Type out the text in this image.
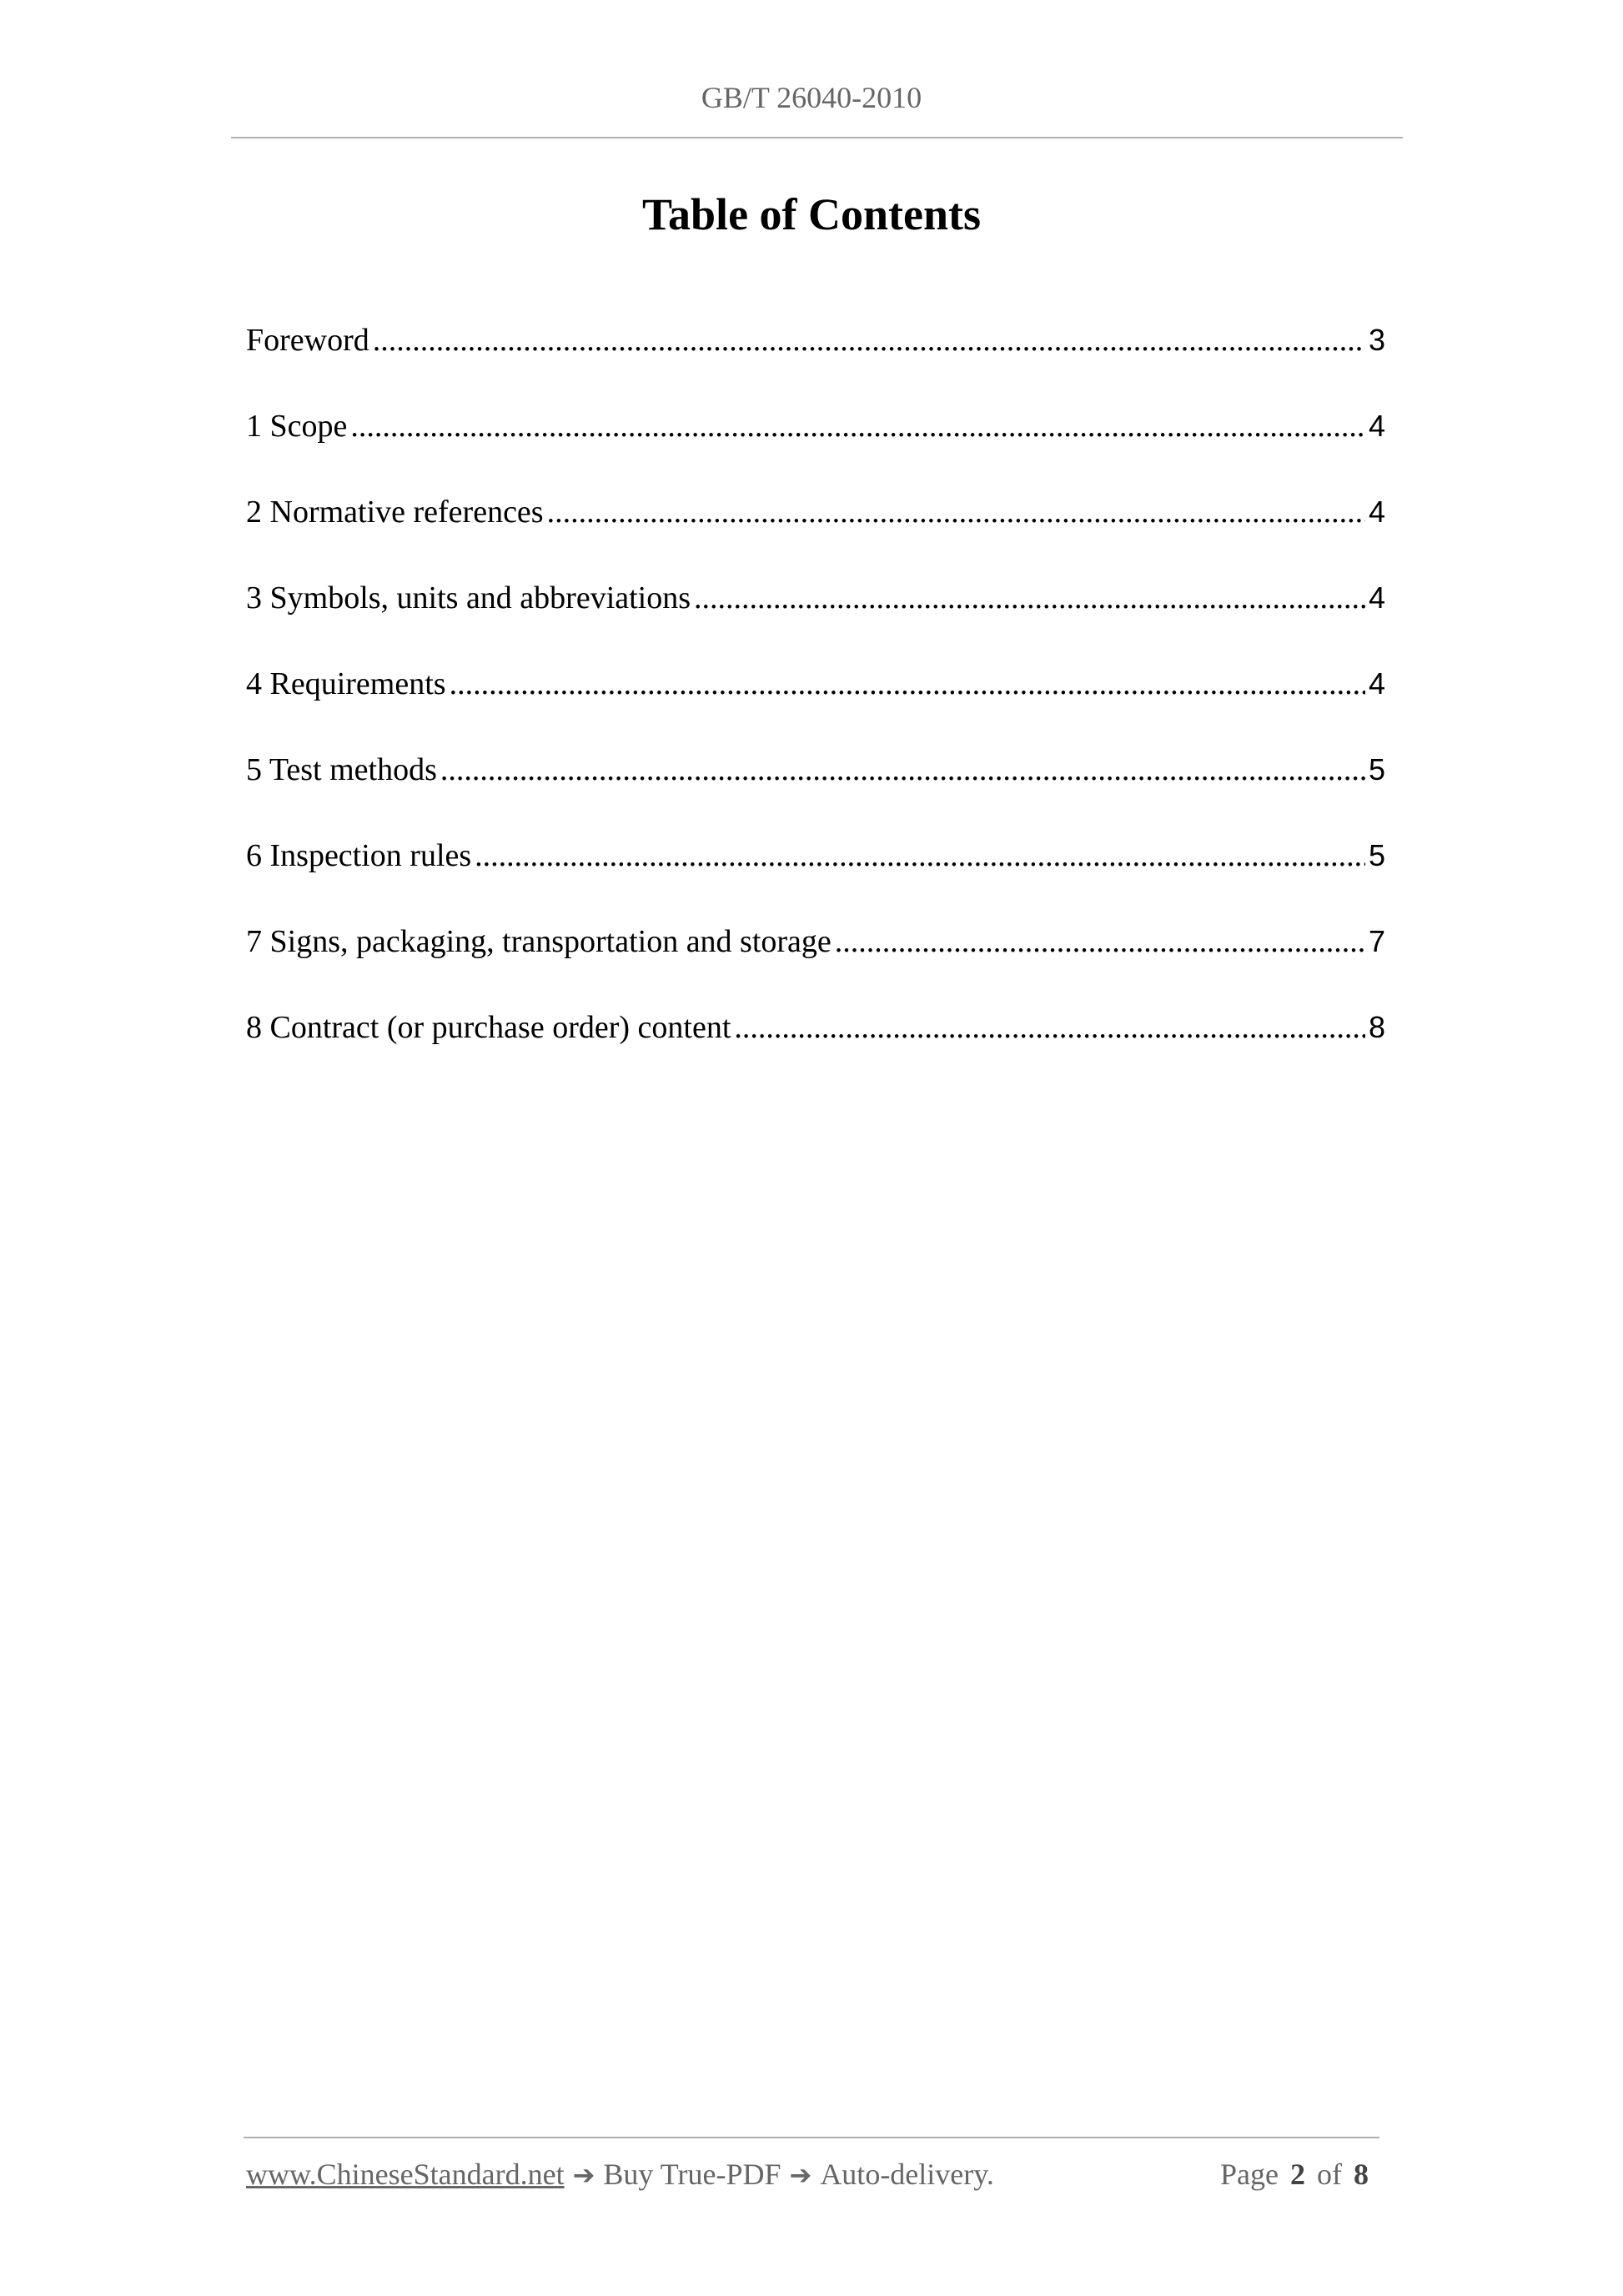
GB/T 26040-2010
Table of Contents
Foreword .....	3
1 Scope .....	4
2 Normative references .....	4
3 Symbols, units and abbreviations .....	4
4 Requirements .....	4
5 Test methods .....	5
6 Inspection rules .....	5
7 Signs, packaging, transportation and storage .....	7
8 Contract (or purchase order) content .....	8
www.ChineseStandard.net ➔ Buy True-PDF ➔ Auto-delivery.	Page 2 of 8
